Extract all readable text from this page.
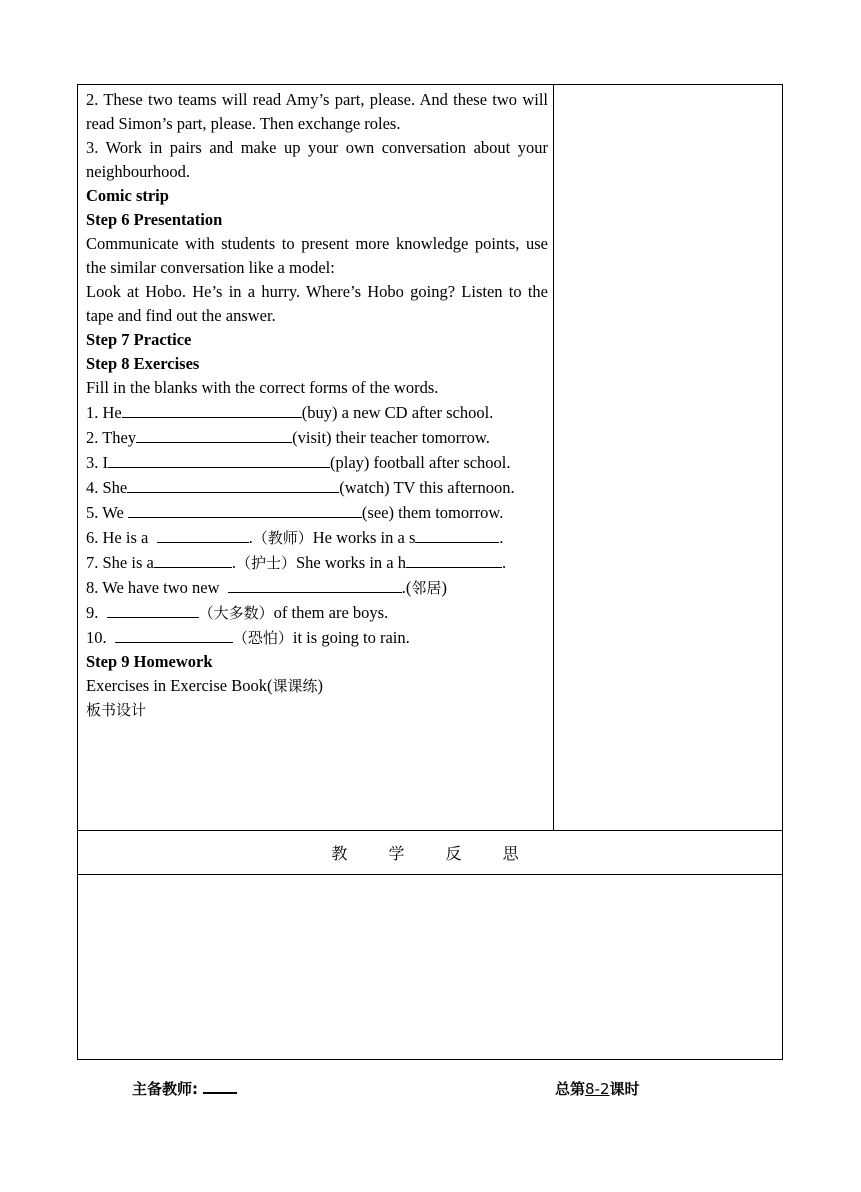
2. These two teams will read Amy’s part, please. And these two will read Simon’s part, please. Then exchange roles.

3. Work in pairs and make up your own conversation about your neighbourhood.

Comic strip

Step 6 Presentation

Communicate with students to present more knowledge points, use the similar conversation like a model:

Look at Hobo. He’s in a hurry. Where’s Hobo going? Listen to the tape and find out the answer.

Step 7 Practice

Step 8 Exercises

Fill in the blanks with the correct forms of the words.

1. He	(buy) a new CD after school.

2. They	(visit) their teacher tomorrow.

3. I	(play) football after school.

4. She	(watch) TV this afternoon.

5. We	(see) them tomorrow.

6. He is a	.（教师）He works in a s	.

7. She is a	.（护士）She works in a h	.

8. We have two new	.(邻居)

9.	（大多数）of them are boys.

10.	（恐怕）it is going to rain.

Step 9 Homework

Exercises in Exercise Book(课课练)

板书设计

教 学 反 思
主备教师:	总第8-2课时
